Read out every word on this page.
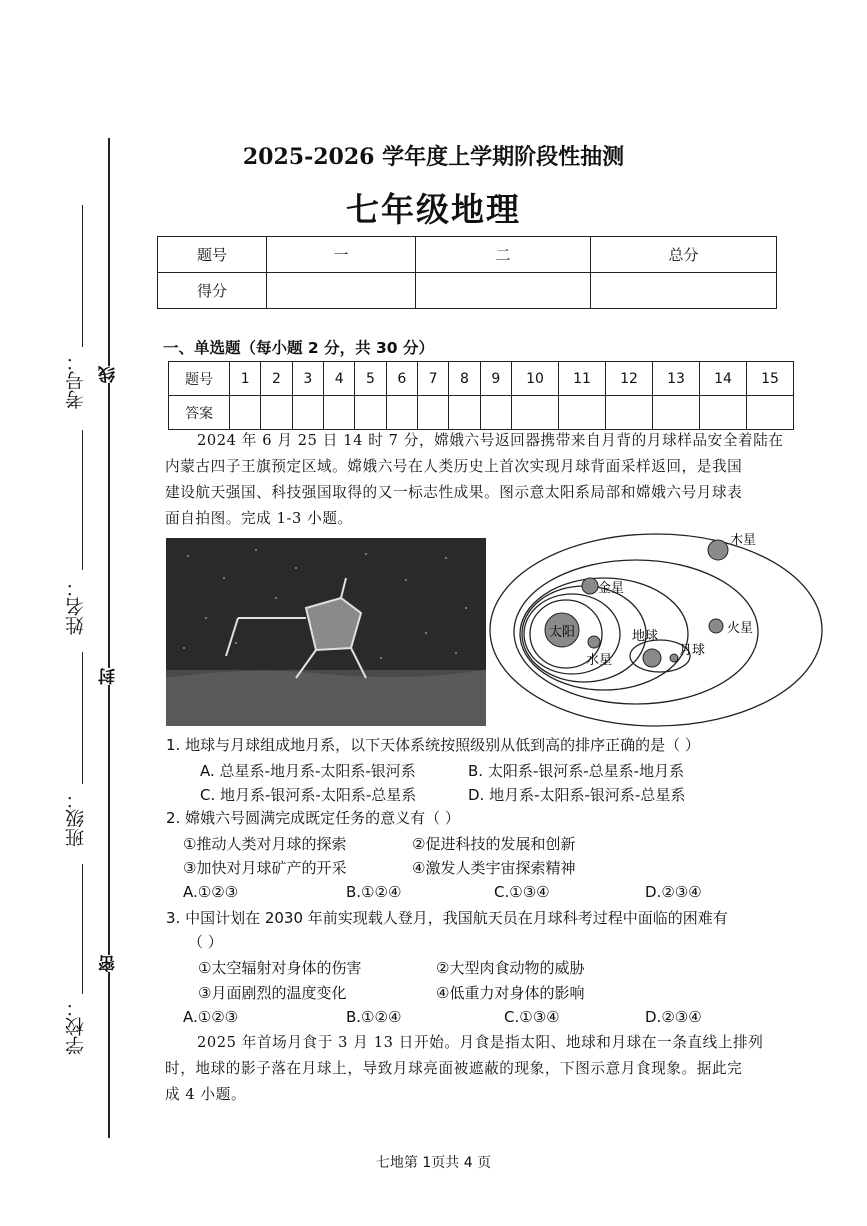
考号： 线
姓名：
封
班级：
密
学校：
2025-2026 学年度上学期阶段性抽测
七年级地理
题号	一	二	总分
得分			
一、单选题（每小题 2 分，共 30 分）
题号	1	2	3	4	5	6	7	8	9	10	11	12	13	14	15
答案															
2024 年 6 月 25 日 14 时 7 分，嫦娥六号返回器携带来自月背的月球样品安全着陆在
内蒙古四子王旗预定区域。嫦娥六号在人类历史上首次实现月球背面采样返回，是我国
建设航天强国、科技强国取得的又一标志性成果。图示意太阳系局部和嫦娥六号月球表
面自拍图。完成 1-3 小题。
太阳
水星
金星
地球
月球
火星
木星
1. 地球与月球组成地月系，以下天体系统按照级别从低到高的排序正确的是（ ）
A. 总星系-地月系-太阳系-银河系	B. 太阳系-银河系-总星系-地月系
C. 地月系-银河系-太阳系-总星系	D. 地月系-太阳系-银河系-总星系
2. 嫦娥六号圆满完成既定任务的意义有（ ）
①推动人类对月球的探索	②促进科技的发展和创新
③加快对月球矿产的开采	④激发人类宇宙探索精神
A.①②③	B.①②④	C.①③④	D.②③④
3. 中国计划在 2030 年前实现载人登月，我国航天员在月球科考过程中面临的困难有
（ ）
①太空辐射对身体的伤害	②大型肉食动物的威胁
③月面剧烈的温度变化	④低重力对身体的影响
A.①②③	B.①②④	C.①③④	D.②③④
2025 年首场月食于 3 月 13 日开始。月食是指太阳、地球和月球在一条直线上排列
时，地球的影子落在月球上，导致月球亮面被遮蔽的现象，下图示意月食现象。据此完
成 4 小题。
七地第 1页共 4 页
